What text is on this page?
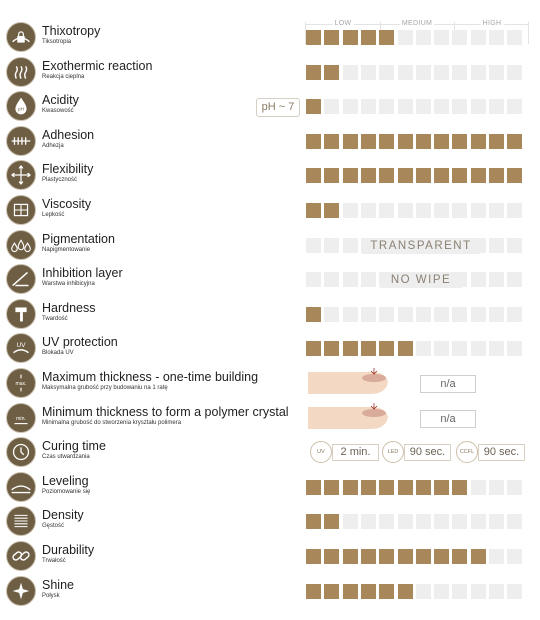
LOW	MEDIUM	HIGH
Thixotropy
Tiksotropia
Exothermic reaction
Reakcja cieplna
pH
Acidity
Kwasowość	pH ~ 7
Adhesion
Adhezja
Flexibility
Plastyczność
Viscosity
Lepkość
Pigmentation
Napigmentowanie	TRANSPARENT
Inhibition layer
Warstwa inhibicyjna	NO WIPE
Hardness
Twardość
UV UV protection
Blokada UV
max. Maximum thickness - one-time building
Maksymalna grubość przy budowaniu na 1 ratę	n/a
min. Minimum thickness to form a polymer crystal
Minimalna grubość do stworzenia kryształu polimera	n/a
Curing time
Czas utwardzania
UV	2 min.	LED	90 sec.	CCFL 90 sec.
Leveling
Poziomowanie się
Density
Gęstość
Durability
Trwałość
Shine
Połysk
